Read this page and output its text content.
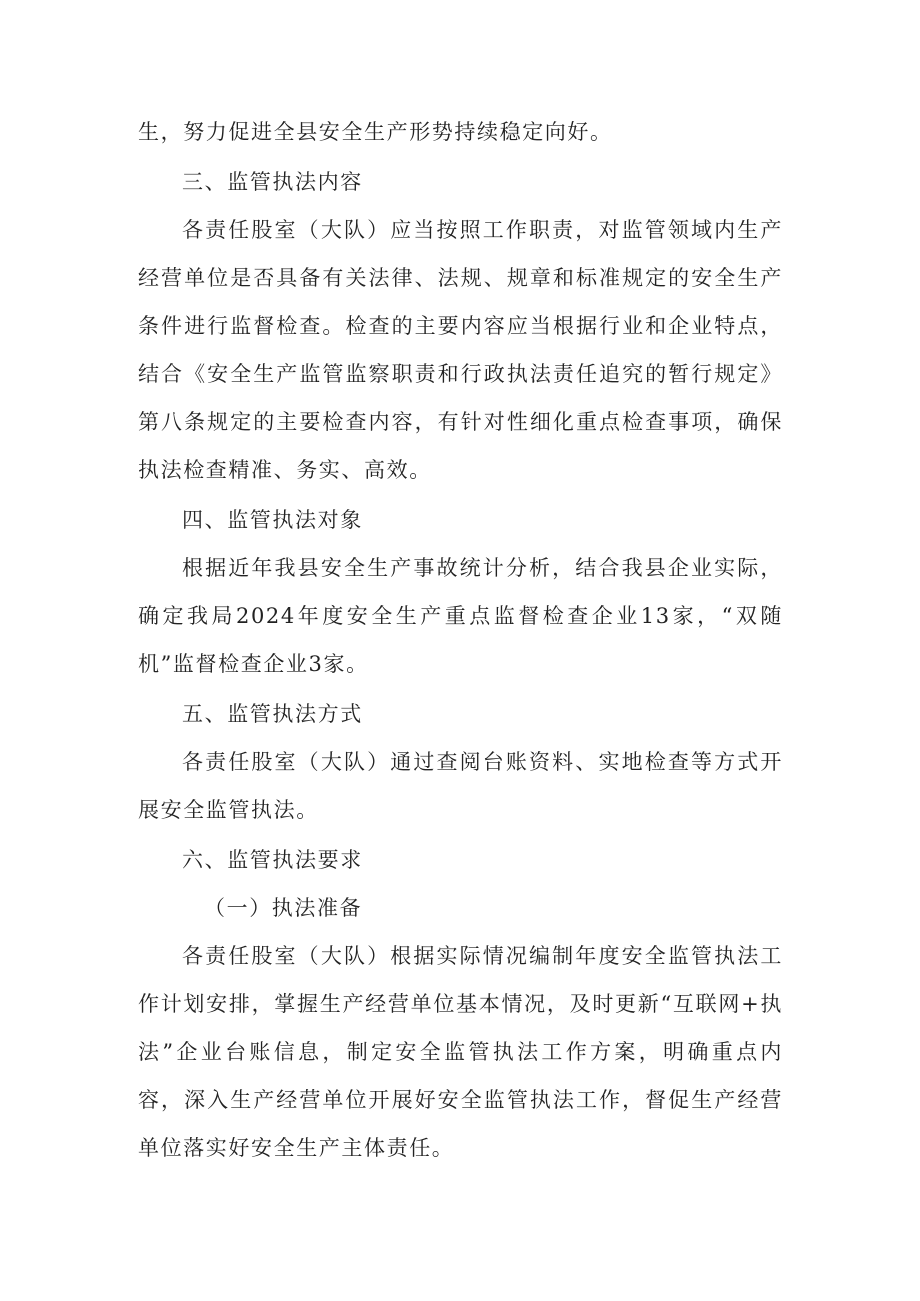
生，努力促进全县安全生产形势持续稳定向好。

三、监管执法内容

各责任股室（大队）应当按照工作职责，对监管领域内生产经营单位是否具备有关法律、法规、规章和标准规定的安全生产条件进行监督检查。检查的主要内容应当根据行业和企业特点，结合《安全生产监管监察职责和行政执法责任追究的暂行规定》第八条规定的主要检查内容，有针对性细化重点检查事项，确保执法检查精准、务实、高效。

四、监管执法对象

根据近年我县安全生产事故统计分析，结合我县企业实际，确定我局2024年度安全生产重点监督检查企业13家，“双随机”监督检查企业3家。

五、监管执法方式

各责任股室（大队）通过查阅台账资料、实地检查等方式开展安全监管执法。

六、监管执法要求

（一）执法准备

各责任股室（大队）根据实际情况编制年度安全监管执法工作计划安排，掌握生产经营单位基本情况，及时更新“互联网+执法”企业台账信息，制定安全监管执法工作方案，明确重点内容，深入生产经营单位开展好安全监管执法工作，督促生产经营单位落实好安全生产主体责任。
